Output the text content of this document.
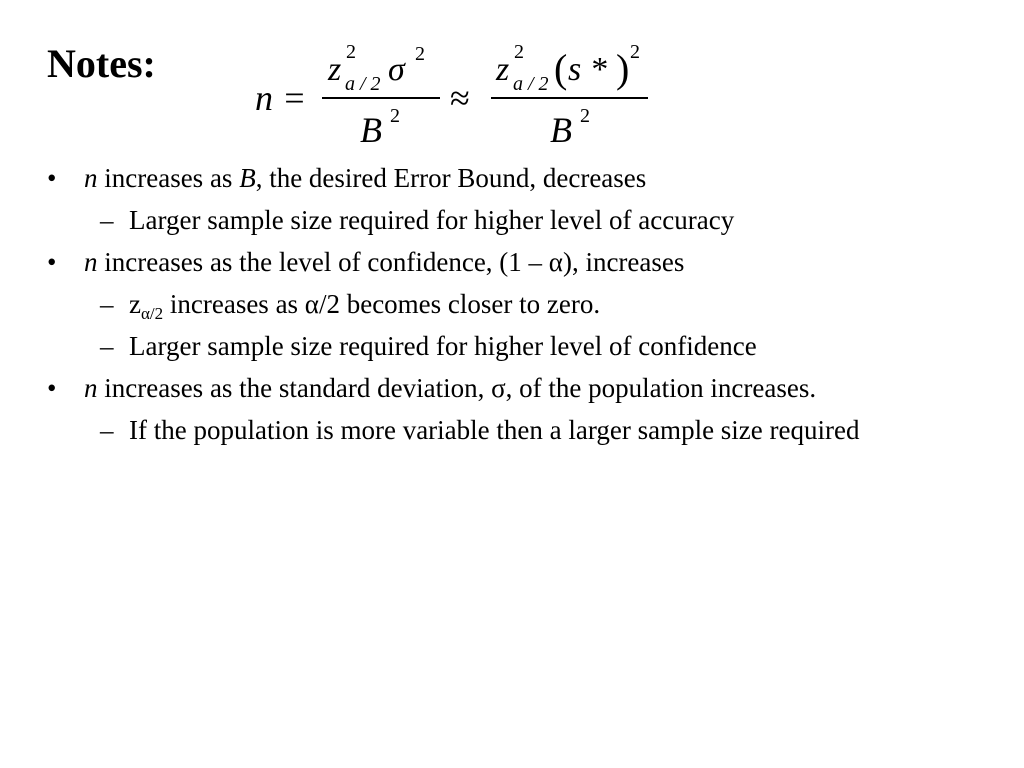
Notes:
n =
z 2
a / 2 σ 2
B 2 ≈
z 2
a / 2 ( s * ) 2
B 2
• n increases as B, the desired Error Bound, decreases
– Larger sample size required for higher level of accuracy
• n increases as the level of confidence, (1 – α), increases
– $z_{\alpha/2}$ increases as α/2 becomes closer to zero.
– Larger sample size required for higher level of confidence
• n increases as the standard deviation, σ, of the population increases.
– If the population is more variable then a larger sample size required
